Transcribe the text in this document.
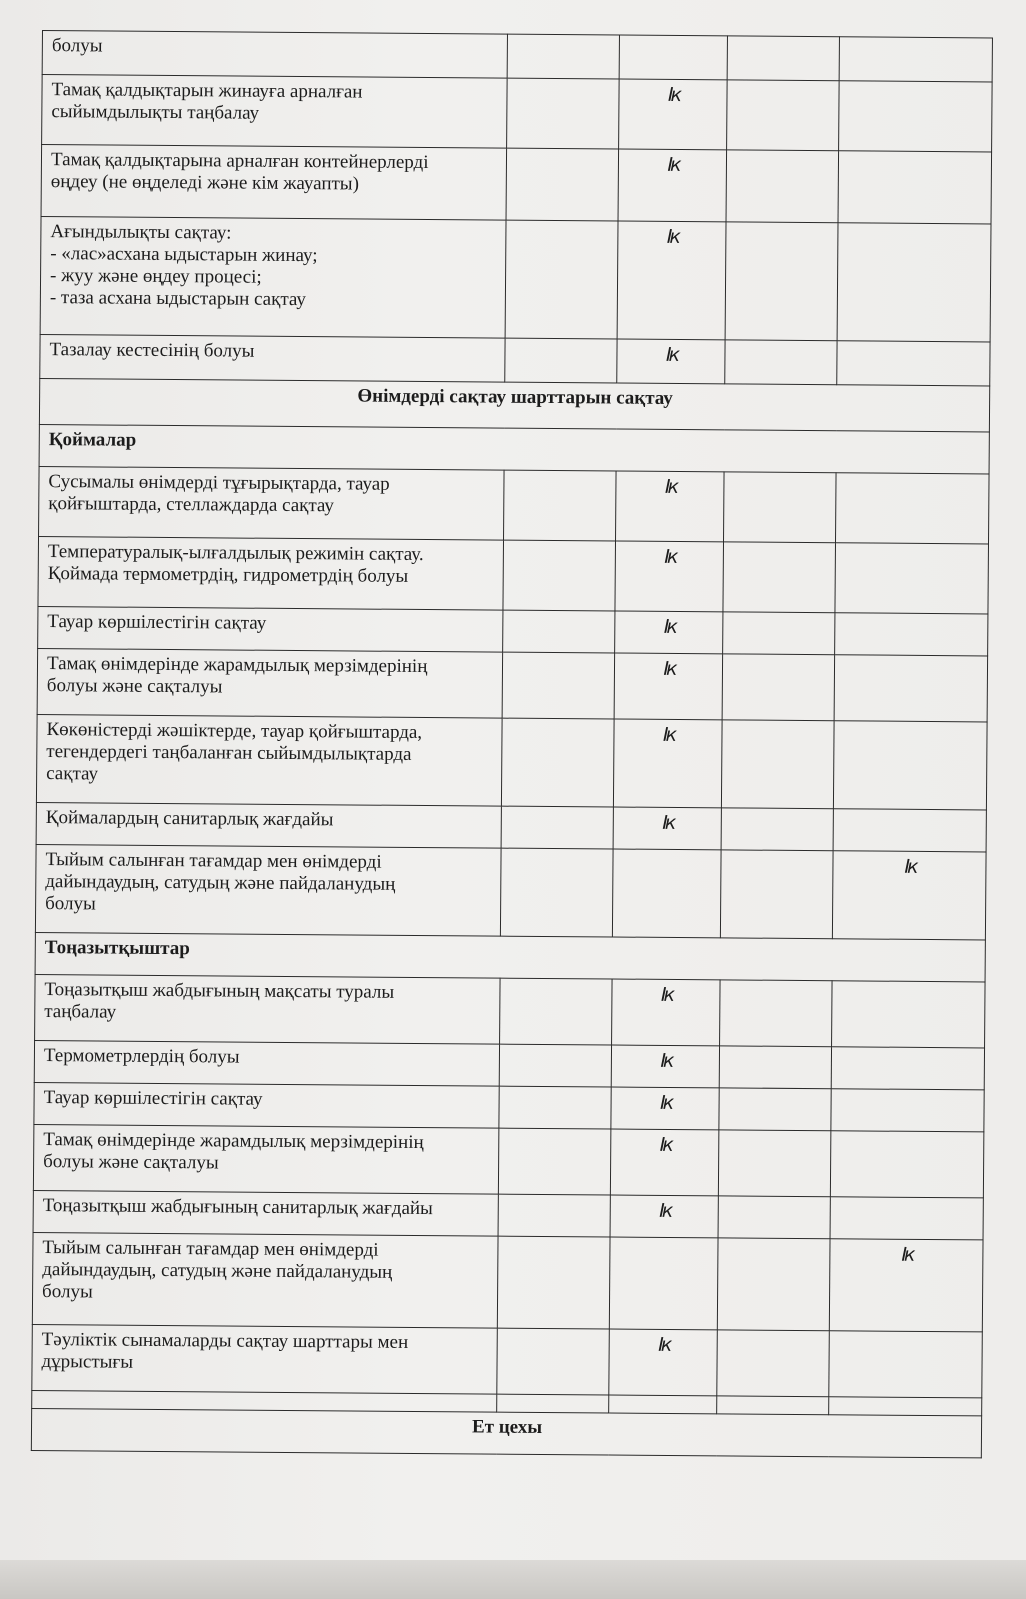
болуы				
Тамақ қалдықтарын жинауға арналған
сыйымдылықты таңбалау		Ік		
Тамақ қалдықтарына арналған контейнерлерді
өңдеу (не өңделеді және кім жауапты)		Ік		
Ағындылықты сақтау:
- «лас»асхана ыдыстарын жинау;
- жуу және өңдеу процесі;
- таза асхана ыдыстарын сақтау		Ік		
Тазалау кестесінің болуы		Ік		
Өнімдерді сақтау шарттарын сақтау				
Қоймалар				
Сусымалы өнімдерді тұғырықтарда, тауар
қойғыштарда, стеллаждарда сақтау		Ік		
Температуралық-ылғалдылық режимін сақтау.
Қоймада термометрдің, гидрометрдің болуы		Ік		
Тауар көршілестігін сақтау		Ік		
Тамақ өнімдерінде жарамдылық мерзімдерінің
болуы және сақталуы		Ік		
Көкөністерді жәшіктерде, тауар қойғыштарда,
тегендердегі таңбаланған сыйымдылықтарда
сақтау		Ік		
Қоймалардың санитарлық жағдайы		Ік		
Тыйым салынған тағамдар мен өнімдерді
дайындаудың, сатудың және пайдаланудың
болуы				Ік
Тоңазытқыштар				
Тоңазытқыш жабдығының мақсаты туралы
таңбалау		Ік		
Термометрлердің болуы		Ік		
Тауар көршілестігін сақтау		Ік		
Тамақ өнімдерінде жарамдылық мерзімдерінің
болуы және сақталуы		Ік		
Тоңазытқыш жабдығының санитарлық жағдайы		Ік		
Тыйым салынған тағамдар мен өнімдерді
дайындаудың, сатудың және пайдаланудың
болуы				Ік
Тәуліктік сынамаларды сақтау шарттары мен
дұрыстығы		Ік		

Ет цехы				
